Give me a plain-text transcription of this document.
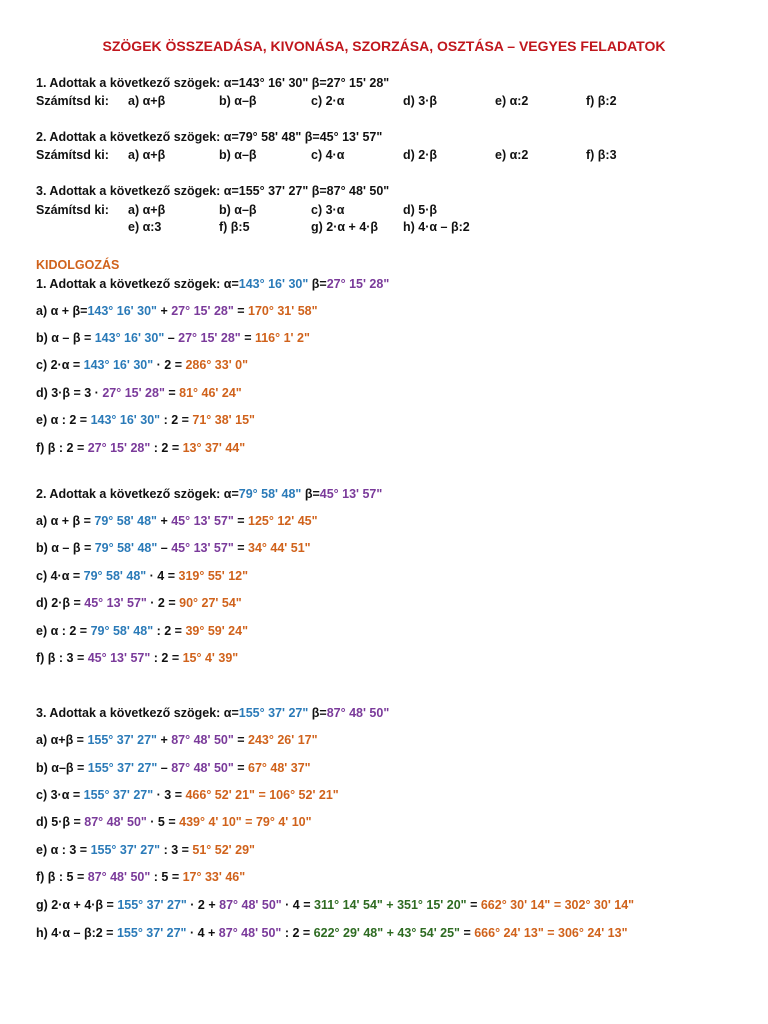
SZÖGEK ÖSSZEADÁSA, KIVONÁSA, SZORZÁSA, OSZTÁSA – VEGYES FELADATOK
1. Adottak a következő szögek: α=143° 16' 30" β=27° 15' 28"
Számítsd ki: a) α+β	b) α–β	c) 2·α	d) 3·β	e) α:2	f) β:2
2. Adottak a következő szögek: α=79° 58' 48" β=45° 13' 57"
Számítsd ki: a) α+β	b) α–β	c) 4·α	d) 2·β	e) α:2	f) β:3
3. Adottak a következő szögek: α=155° 37' 27" β=87° 48' 50"
Számítsd ki: a) α+β	b) α–β	c) 3·α	d) 5·β
e) α:3	f) β:5	g) 2·α + 4·β h) 4·α – β:2
KIDOLGOZÁS
1. Adottak a következő szögek: α=143° 16' 30" β=27° 15' 28"
a) α + β=143° 16' 30" + 27° 15' 28" = 170° 31' 58"
b) α – β = 143° 16' 30" – 27° 15' 28" = 116° 1' 2"
c) 2·α = 143° 16' 30" · 2 = 286° 33' 0"
d) 3·β = 3 · 27° 15' 28" = 81° 46' 24"
e) α : 2 = 143° 16' 30" : 2 = 71° 38' 15"
f) β : 2 = 27° 15' 28" : 2 = 13° 37' 44"
2. Adottak a következő szögek: α=79° 58' 48" β=45° 13' 57"
a) α + β = 79° 58' 48" + 45° 13' 57" = 125° 12' 45"
b) α – β = 79° 58' 48" – 45° 13' 57" = 34° 44' 51"
c) 4·α = 79° 58' 48" · 4 = 319° 55' 12"
d) 2·β = 45° 13' 57" · 2 = 90° 27' 54"
e) α : 2 = 79° 58' 48" : 2 = 39° 59' 24"
f) β : 3 = 45° 13' 57" : 2 = 15° 4' 39"
3. Adottak a következő szögek: α=155° 37' 27" β=87° 48' 50"
a) α+β = 155° 37' 27" + 87° 48' 50" = 243° 26' 17"
b) α–β = 155° 37' 27" – 87° 48' 50" = 67° 48' 37"
c) 3·α = 155° 37' 27" · 3 = 466° 52' 21" = 106° 52' 21"
d) 5·β = 87° 48' 50" · 5 = 439° 4' 10" = 79° 4' 10"
e) α : 3 = 155° 37' 27" : 3 = 51° 52' 29"
f) β : 5 = 87° 48' 50" : 5 = 17° 33' 46"
g) 2·α + 4·β = 155° 37' 27" · 2 + 87° 48' 50" · 4 = 311° 14' 54" + 351° 15' 20" = 662° 30' 14" = 302° 30' 14"
h) 4·α – β:2 = 155° 37' 27" · 4 + 87° 48' 50" : 2 = 622° 29' 48" + 43° 54' 25" = 666° 24' 13" = 306° 24' 13"
